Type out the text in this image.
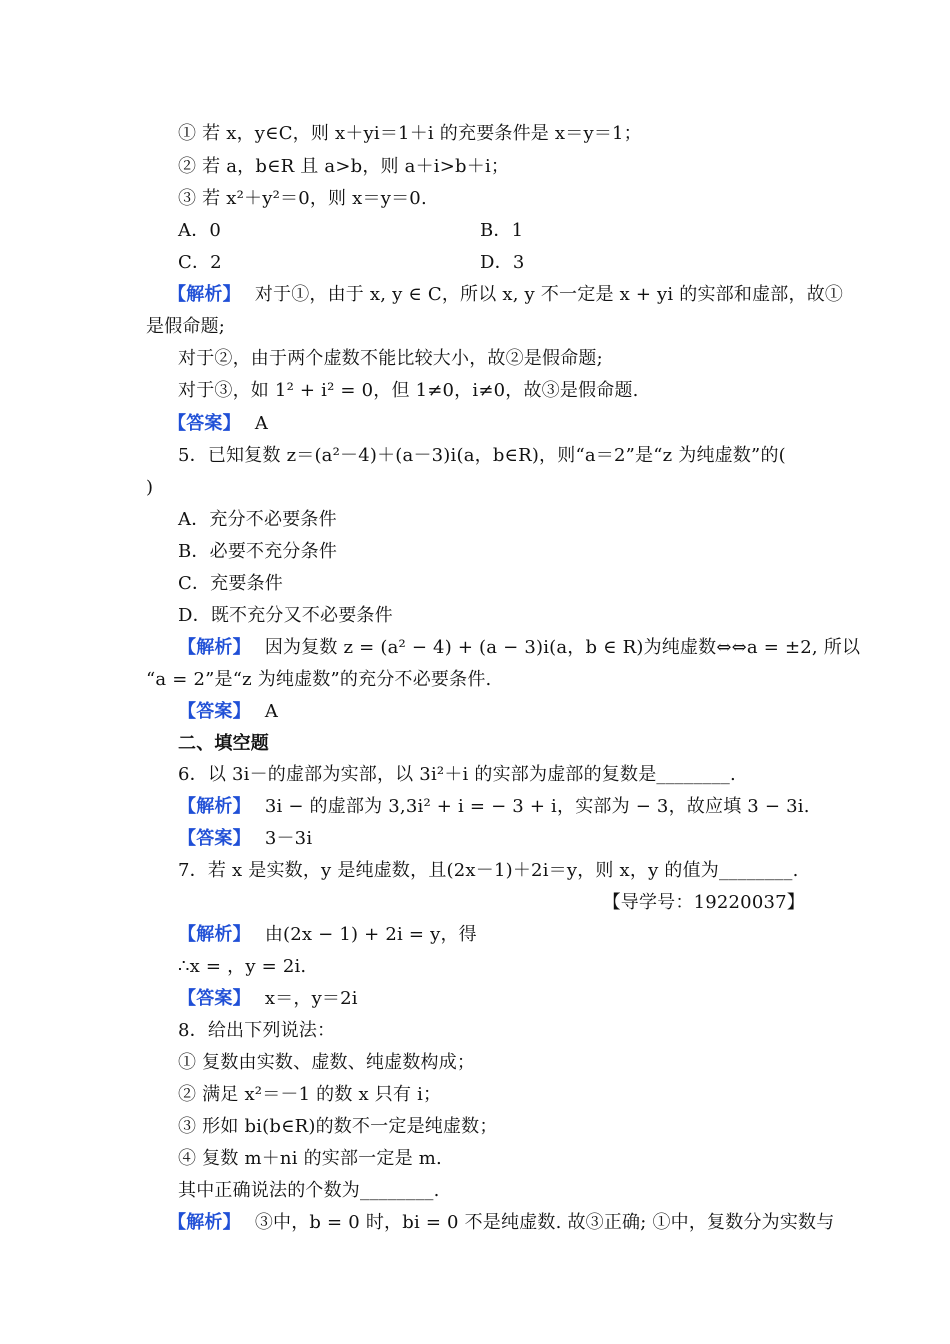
① 若 x，y∈C，则 x＋yi＝1＋i 的充要条件是 x＝y＝1；
② 若 a，b∈R 且 a>b，则 a＋i>b＋i；
③ 若 x²＋y²＝0，则 x＝y＝0.
A．0	B．1
C．2	D．3
【解析】 对于①，由于 x, y ∈ C，所以 x, y 不一定是 x + yi 的实部和虚部，故①
是假命题;
对于②，由于两个虚数不能比较大小，故②是假命题;
对于③，如 1² + i² = 0，但 1≠0，i≠0，故③是假命题.
【答案】 A
5．已知复数 z＝(a²－4)＋(a－3)i(a，b∈R)，则“a＝2”是“z 为纯虚数”的(
)
A．充分不必要条件
B．必要不充分条件
C．充要条件
D．既不充分又不必要条件
【解析】 因为复数 z = (a² − 4) + (a − 3)i(a，b ∈ R)为纯虚数⇔⇔a = ±2, 所以
“a = 2”是“z 为纯虚数”的充分不必要条件.
【答案】 A
二、填空题
6．以 3i－的虚部为实部，以 3i²＋i 的实部为虚部的复数是________.
【解析】 3i − 的虚部为 3,3i² + i = − 3 + i，实部为 − 3，故应填 3 − 3i.
【答案】 3－3i
7．若 x 是实数，y 是纯虚数，且(2x－1)＋2i＝y，则 x，y 的值为________.
【导学号：19220037】
【解析】 由(2x − 1) + 2i = y，得
∴x = ，y = 2i.
【答案】 x＝，y＝2i
8．给出下列说法：
① 复数由实数、虚数、纯虚数构成；
② 满足 x²＝－1 的数 x 只有 i；
③ 形如 bi(b∈R)的数不一定是纯虚数；
④ 复数 m＋ni 的实部一定是 m.
其中正确说法的个数为________.
【解析】 ③中，b = 0 时，bi = 0 不是纯虚数. 故③正确; ①中，复数分为实数与
